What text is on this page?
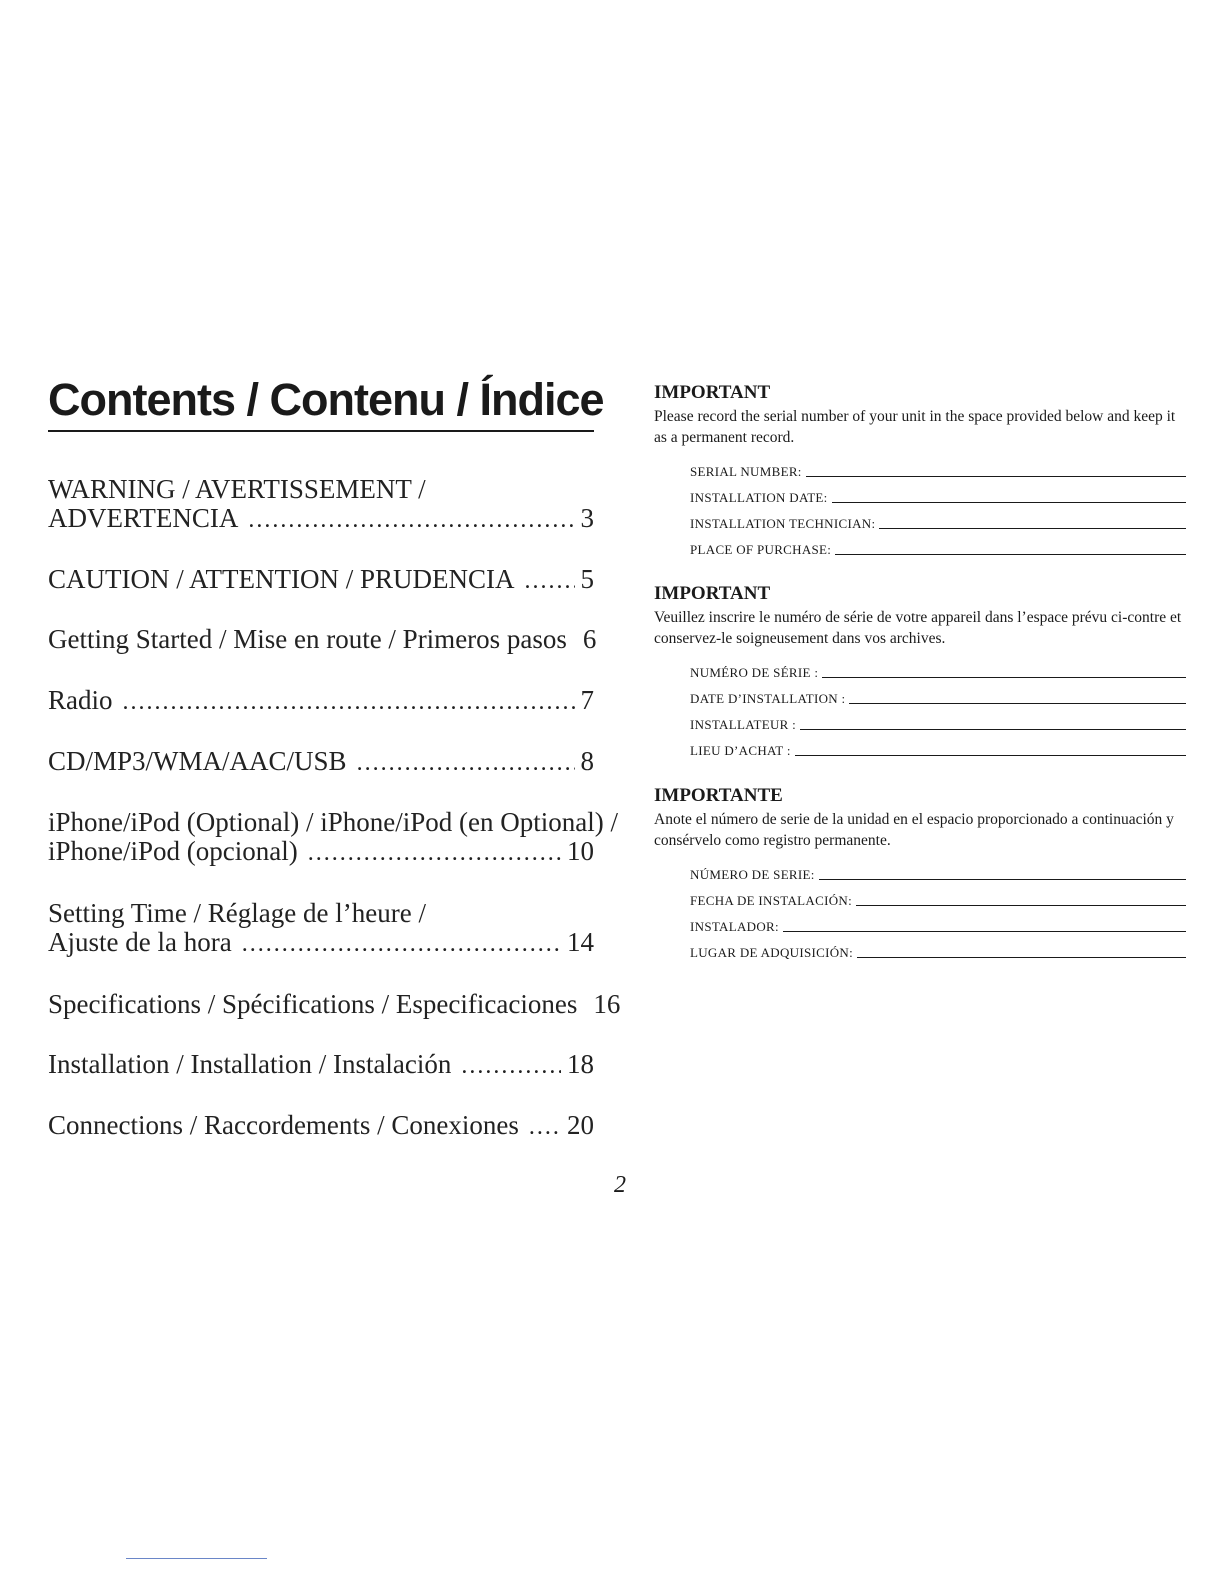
Contents / Contenu / Índice
WARNING / AVERTISSEMENT /
ADVERTENCIA .....	3
CAUTION / ATTENTION / PRUDENCIA ..... 5
Getting Started / Mise en route / Primeros pasos 6
Radio .....	7
CD/MP3/WMA/AAC/USB .....	8
iPhone/iPod (Optional) / iPhone/iPod (en Optional) /
iPhone/iPod (opcional) .....	10
Setting Time / Réglage de l’heure /
Ajuste de la hora .....	14
Specifications / Spécifications / Especificaciones 16
Installation / Installation / Instalación .....	18
Connections / Raccordements / Conexiones ..... 20
IMPORTANT

Please record the serial number of your unit in the space provided below and keep it as a permanent record.

SERIAL NUMBER:
INSTALLATION DATE:
INSTALLATION TECHNICIAN:
PLACE OF PURCHASE:
IMPORTANT

Veuillez inscrire le numéro de série de votre appareil dans l’espace prévu ci-contre et conservez-le soigneusement dans vos archives.

NUMÉRO DE SÉRIE :
DATE D’INSTALLATION :
INSTALLATEUR :
LIEU D’ACHAT :
IMPORTANTE

Anote el número de serie de la unidad en el espacio proporcionado a continuación y consérvelo como registro permanente.

NÚMERO DE SERIE:
FECHA DE INSTALACIÓN:
INSTALADOR:
LUGAR DE ADQUISICIÓN:
2
